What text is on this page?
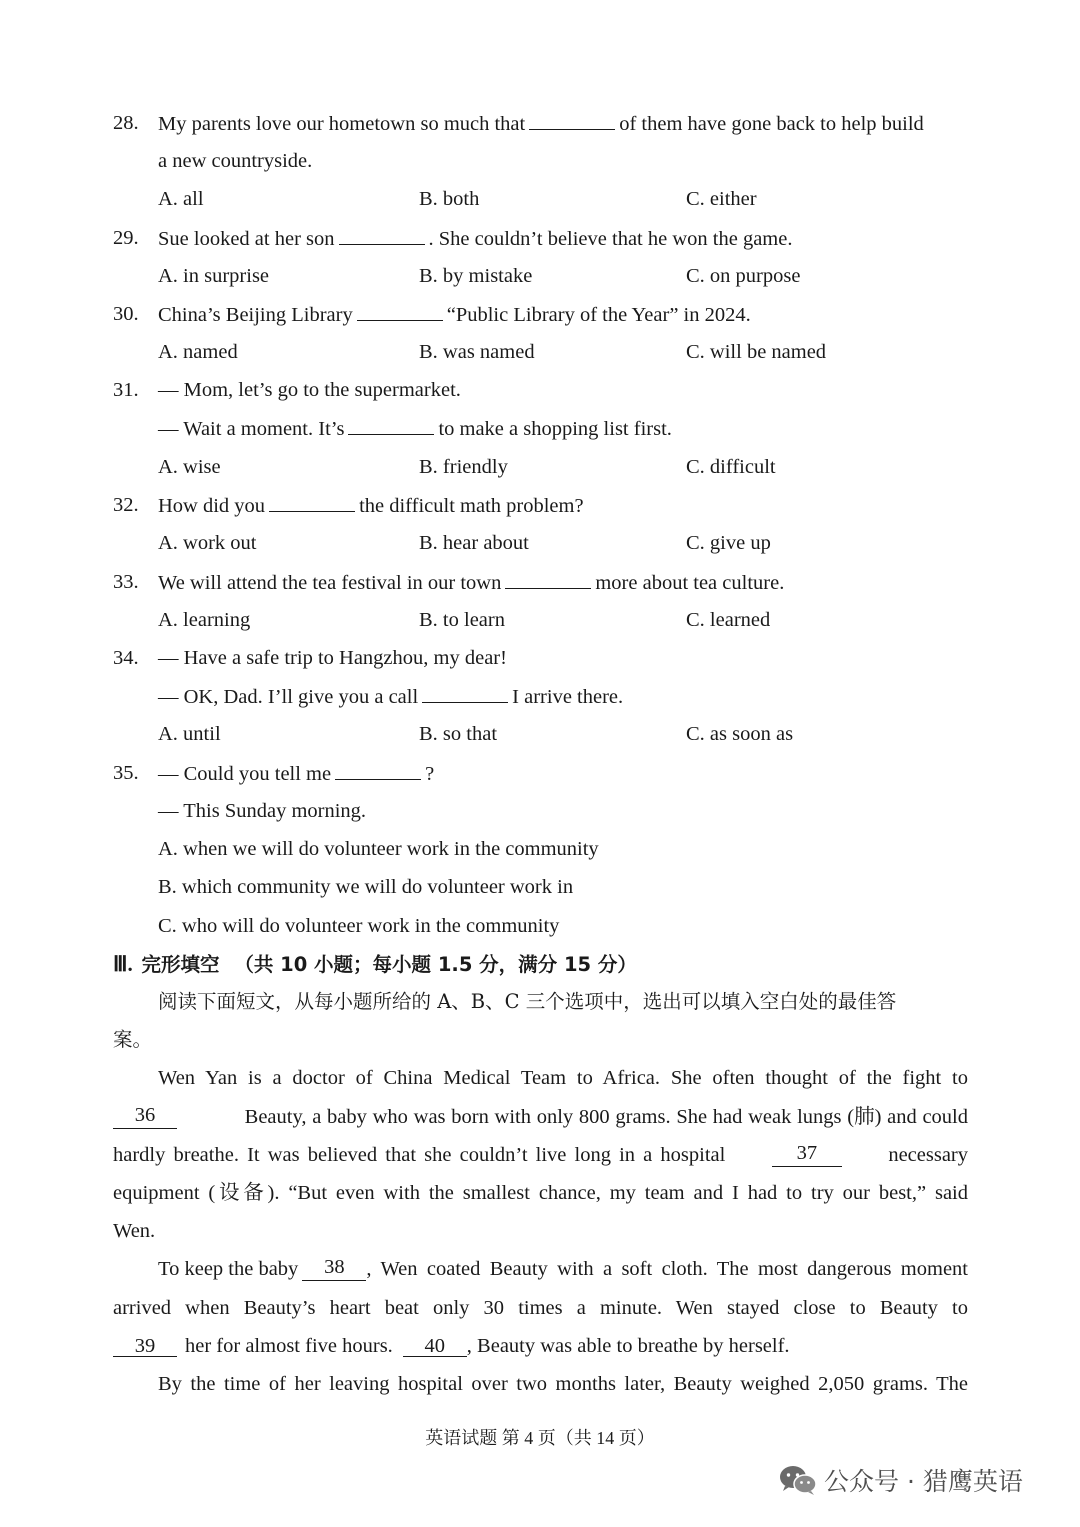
28. My parents love our hometown so much that	of them have gone back to help build
a new countryside.
A. all	B. both	C. either
29. Sue looked at her son	. She couldn’t believe that he won the game.
A. in surprise	B. by mistake	C. on purpose
30. China’s Beijing Library	“Public Library of the Year” in 2024.
A. named	B. was named	C. will be named
31. — Mom, let’s go to the supermarket.
— Wait a moment. It’s	to make a shopping list first.
A. wise	B. friendly	C. difficult
32. How did you	the difficult math problem?
A. work out	B. hear about	C. give up
33. We will attend the tea festival in our town	more about tea culture.
A. learning	B. to learn	C. learned
34. — Have a safe trip to Hangzhou, my dear!
— OK, Dad. I’ll give you a call	I arrive there.
A. until	B. so that	C. as soon as
35. — Could you tell me	?
— This Sunday morning.
A. when we will do volunteer work in the community
B. which community we will do volunteer work in
C. who will do volunteer work in the community
Ⅲ. 完形填空 （共 10 小题；每小题 1.5 分，满分 15 分）
阅读下面短文，从每小题所给的 A、B、C 三个选项中，选出可以填入空白处的最佳答
案。
Wen Yan is a doctor of China Medical Team to Africa. She often thought of the fight to
36	Beauty, a baby who was born with only 800 grams. She had weak lungs (肺) and could
hardly breathe. It was believed that she couldn’t live long in a hospital	37	necessary
equipment (设备). “But even with the smallest chance, my team and I had to try our best,” said
Wen.
To keep the baby	38	, Wen coated Beauty with a soft cloth. The most dangerous moment
arrived when Beauty’s heart beat only 30 times a minute. Wen stayed close to Beauty to
39 her for almost five hours. 40 , Beauty was able to breathe by herself.
By the time of her leaving hospital over two months later, Beauty weighed 2,050 grams. The
英语试题 第 4 页（共 14 页）
公众号 · 猎鹰英语
